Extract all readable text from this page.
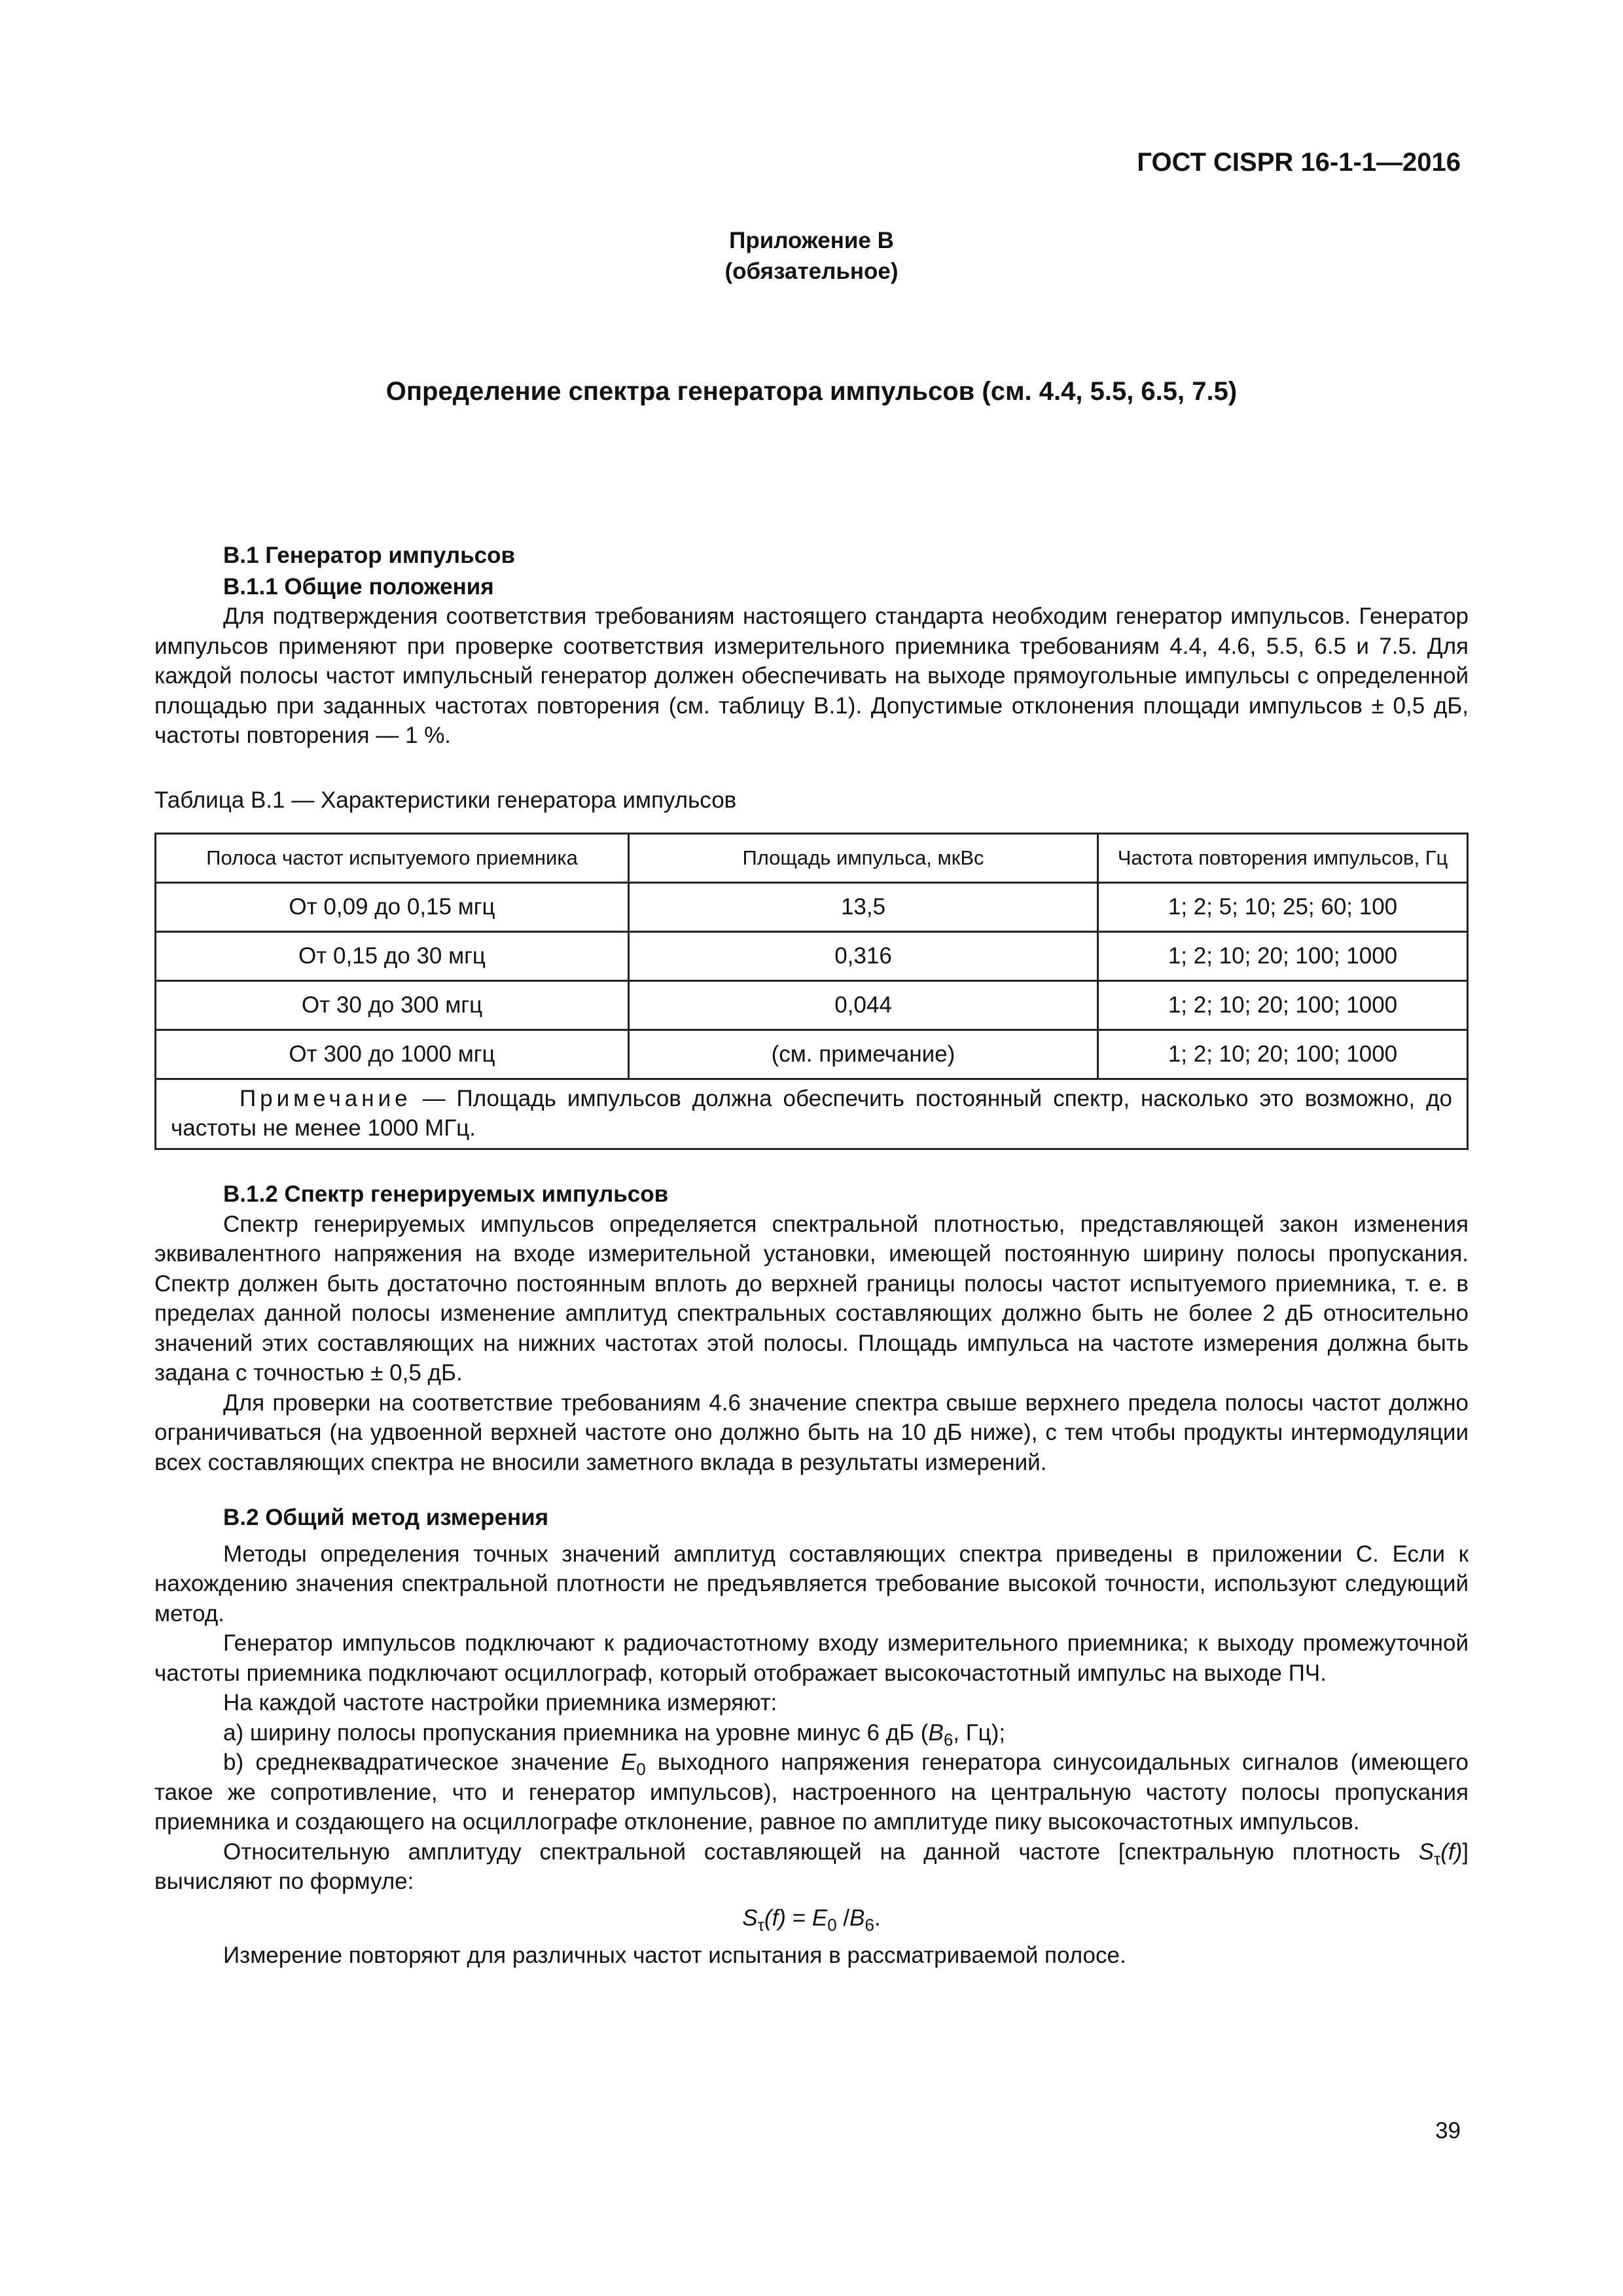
ГОСТ CISPR 16-1-1—2016
Приложение В
(обязательное)
Определение спектра генератора импульсов (см. 4.4, 5.5, 6.5, 7.5)
В.1 Генератор импульсов
В.1.1 Общие положения

Для подтверждения соответствия требованиям настоящего стандарта необходим генератор импульсов. Генератор импульсов применяют при проверке соответствия измерительного приемника требованиям 4.4, 4.6, 5.5, 6.5 и 7.5. Для каждой полосы частот импульсный генератор должен обеспечивать на выходе прямоугольные импульсы с определенной площадью при заданных частотах повторения (см. таблицу В.1). Допустимые отклонения площади импульсов ± 0,5 дБ, частоты повторения — 1 %.

Таблица В.1 — Характеристики генератора импульсов
Полоса частот испытуемого приемника	Площадь импульса, мкВс	Частота повторения импульсов, Гц
От 0,09 до 0,15 мгц	13,5	1; 2; 5; 10; 25; 60; 100
От 0,15 до 30 мгц	0,316	1; 2; 10; 20; 100; 1000
От 30 до 300 мгц	0,044	1; 2; 10; 20; 100; 1000
От 300 до 1000 мгц	(см. примечание)	1; 2; 10; 20; 100; 1000
Примечание — Площадь импульсов должна обеспечить постоянный спектр, насколько это возможно, до частоты не менее 1000 МГц.		
В.1.2 Спектр генерируемых импульсов

Спектр генерируемых импульсов определяется спектральной плотностью, представляющей закон изменения эквивалентного напряжения на входе измерительной установки, имеющей постоянную ширину полосы пропускания. Спектр должен быть достаточно постоянным вплоть до верхней границы полосы частот испытуемого приемника, т. е. в пределах данной полосы изменение амплитуд спектральных составляющих должно быть не более 2 дБ относительно значений этих составляющих на нижних частотах этой полосы. Площадь импульса на частоте измерения должна быть задана с точностью ± 0,5 дБ.

Для проверки на соответствие требованиям 4.6 значение спектра свыше верхнего предела полосы частот должно ограничиваться (на удвоенной верхней частоте оно должно быть на 10 дБ ниже), с тем чтобы продукты интермодуляции всех составляющих спектра не вносили заметного вклада в результаты измерений.

В.2 Общий метод измерения

Методы определения точных значений амплитуд составляющих спектра приведены в приложении С. Если к нахождению значения спектральной плотности не предъявляется требование высокой точности, используют следующий метод.

Генератор импульсов подключают к радиочастотному входу измерительного приемника; к выходу промежуточной частоты приемника подключают осциллограф, который отображает высокочастотный импульс на выходе ПЧ.

На каждой частоте настройки приемника измеряют:

а) ширину полосы пропускания приемника на уровне минус 6 дБ ($B_6$, Гц);

b) среднеквадратическое значение $E_0$ выходного напряжения генератора синусоидальных сигналов (имеющего такое же сопротивление, что и генератор импульсов), настроенного на центральную частоту полосы пропускания приемника и создающего на осциллографе отклонение, равное по амплитуде пику высокочастотных импульсов.

Относительную амплитуду спектральной составляющей на данной частоте [спектральную плотность $S_\tau(f)$] вычисляют по формуле:

$S_\tau(f) = E_0$ $/B_6$.

Измерение повторяют для различных частот испытания в рассматриваемой полосе.

39
